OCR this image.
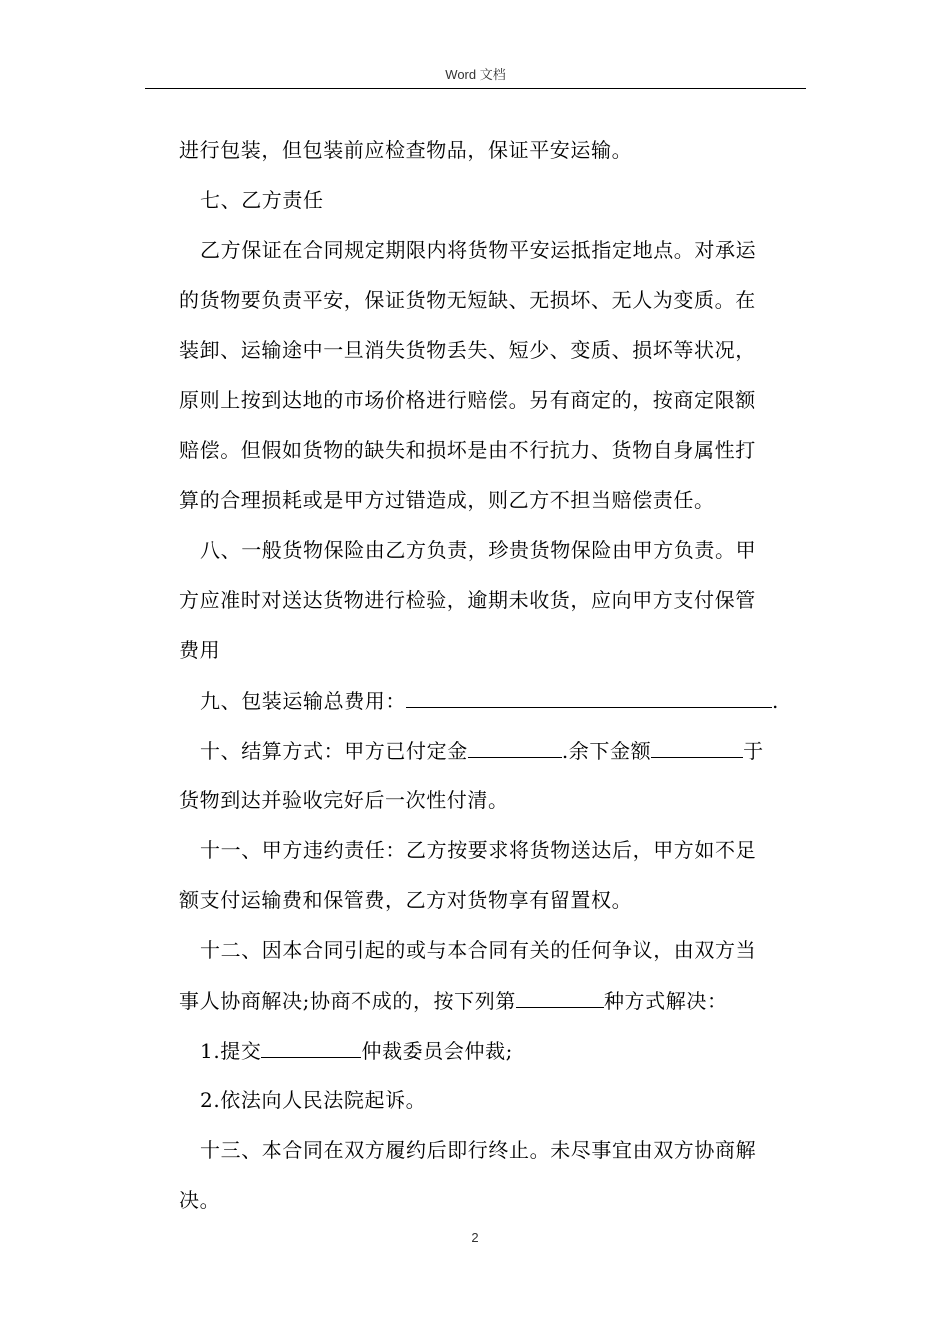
Word 文档
进行包装，但包装前应检查物品，保证平安运输。
七、乙方责任
乙方保证在合同规定期限内将货物平安运抵指定地点。对承运
的货物要负责平安，保证货物无短缺、无损坏、无人为变质。在
装卸、运输途中一旦消失货物丢失、短少、变质、损坏等状况，
原则上按到达地的市场价格进行赔偿。另有商定的，按商定限额
赔偿。但假如货物的缺失和损坏是由不行抗力、货物自身属性打
算的合理损耗或是甲方过错造成，则乙方不担当赔偿责任。
八、一般货物保险由乙方负责，珍贵货物保险由甲方负责。甲
方应准时对送达货物进行检验，逾期未收货，应向甲方支付保管
费用
九、包装运输总费用：	.
十、结算方式：甲方已付定金	.余下金额	于
货物到达并验收完好后一次性付清。
十一、甲方违约责任：乙方按要求将货物送达后，甲方如不足
额支付运输费和保管费，乙方对货物享有留置权。
十二、因本合同引起的或与本合同有关的任何争议，由双方当
事人协商解决;协商不成的，按下列第	种方式解决：
1.提交	仲裁委员会仲裁;
2.依法向人民法院起诉。
十三、本合同在双方履约后即行终止。未尽事宜由双方协商解
决。
2
